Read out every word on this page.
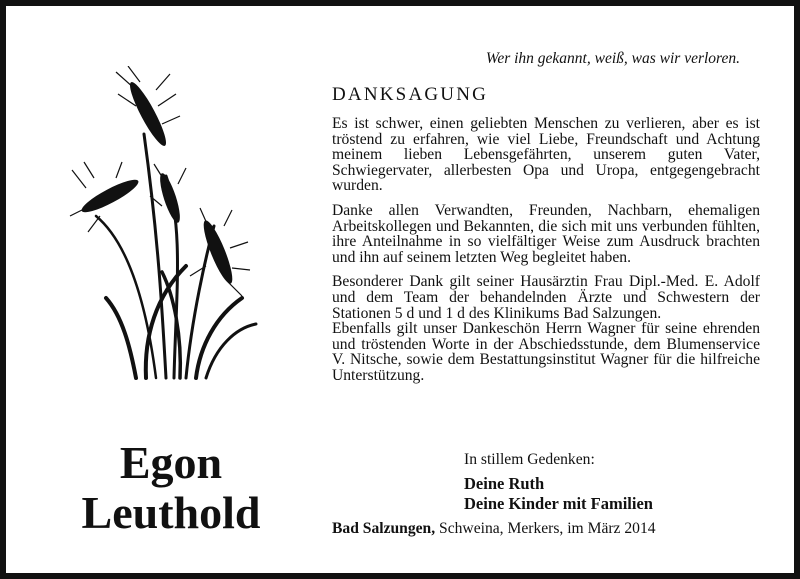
Wer ihn gekannt, weiß, was wir verloren.
DANKSAGUNG

Es ist schwer, einen geliebten Menschen zu verlieren, aber es ist tröstend zu erfahren, wie viel Liebe, Freundschaft und Achtung meinem lieben Lebensgefährten, unserem guten Vater, Schwiegervater, allerbesten Opa und Uropa, entgegengebracht wurden.

Danke allen Verwandten, Freunden, Nachbarn, ehemaligen Arbeitskollegen und Bekannten, die sich mit uns verbunden fühlten, ihre Anteilnahme in so vielfältiger Weise zum Ausdruck brachten und ihn auf seinem letzten Weg begleitet haben.

Besonderer Dank gilt seiner Hausärztin Frau Dipl.-Med. E. Adolf und dem Team der behandelnden Ärzte und Schwestern der Stationen 5 d und 1 d des Klinikums Bad Salzungen.

Ebenfalls gilt unser Dankeschön Herrn Wagner für seine ehrenden und tröstenden Worte in der Abschiedsstunde, dem Blumenservice V. Nitsche, sowie dem Bestattungsinstitut Wagner für die hilfreiche Unterstützung.

In stillem Gedenken:
Deine Ruth
Deine Kinder mit Familien
Bad Salzungen, Schweina, Merkers, im März 2014
Egon
Leuthold
